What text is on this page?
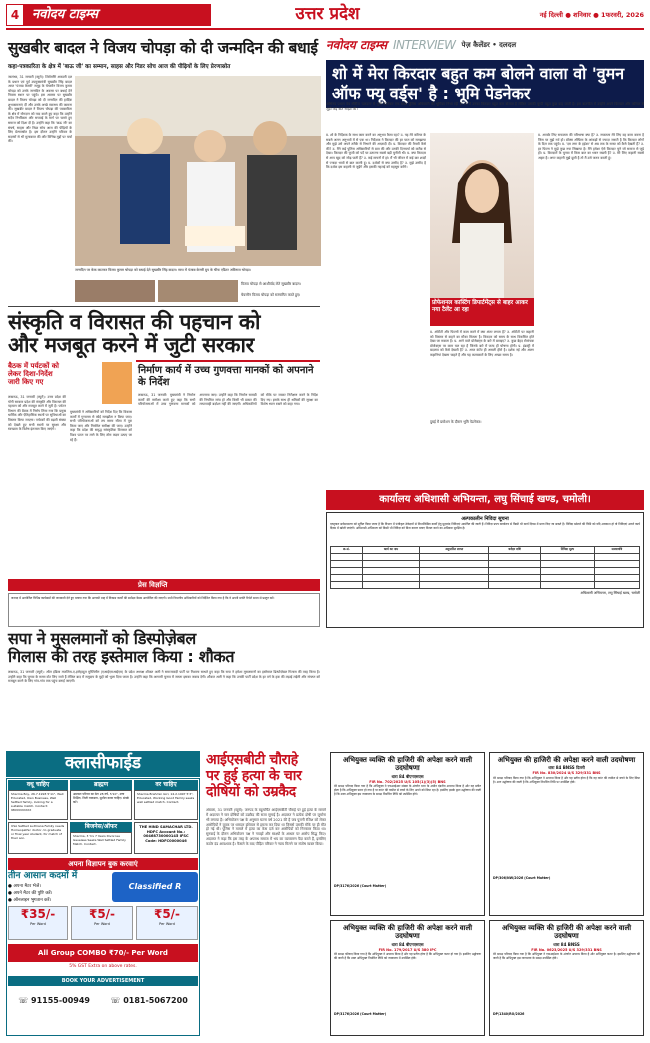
4 नवोदय टाइम्स	उत्तर प्रदेश	नई दिल्ली ● शनिवार ● 1फरवरी, 2026
सुखबीर बादल ने विजय चोपड़ा को दी जन्मदिन की बधाई
कहा-पत्रकारिता के क्षेत्र में 'बाऊ जी' का सम्मान, साहस और निडर सोच आज की पीढ़ियों के लिए प्रेरणास्रोत
जालंधर, 31 जनवरी (ब्यूरो): शिरोमणि अकाली दल के प्रधान एवं पूर्व उपमुख्यमंत्री सुखबीर सिंह बादल आज 'पंजाब केसरी' समूह के चेयरमैन विजय कुमार चोपड़ा को उनके जन्मदिन के अवसर पर बधाई देने निवास स्थान पर पहुंचे। इस अवसर पर सुखबीर बादल ने विजय चोपड़ा को दी जन्मदिन की हार्दिक शुभकामनाएं दीं और उनके अच्छे स्वास्थ्य की कामना की। सुखबीर बादल ने विजय चोपड़ा की पत्रकारिता के क्षेत्र में योगदान को याद करते हुए कहा कि उन्होंने सदैव निर्भीकता और सच्चाई के मार्ग पर चलते हुए समाज को दिशा दी है। उन्होंने कहा कि 'बाऊ जी' का संघर्ष, साहस और निडर सोच आज की पीढ़ियों के लिए प्रेरणास्रोत है। इस दौरान उन्होंने परिवार के सदस्यों से भी मुलाकात की और विभिन्न मुद्दों पर चर्चा की।
जन्मदिन पर केक काटकर विजय कुमार चोपड़ा को बधाई देते सुखबीर सिंह बादल। साथ में पंजाब केसरी ग्रुप के चीफ एडिटर अविनाश चोपड़ा।
विजय चोपड़ा से आशीर्वाद लेते सुखबीर बादल।
चेयरमैन विजय चोपड़ा को सम्मानित करते हुए।
नवोदय टाइम्स INTERVIEW पेज़ कैलेंडर • दलदल
शो में मेरा किरदार बहुत कम बोलने वाला वो 'वुमन ऑफ फ्यू वर्ड्स' है : भूमि पेडनेकर
अभिनय प्रधान वेब सीरीज 'दलदल' में भूमि पेडनेकर एक सख्त पुलिस अधिकारी की भूमिका निभा रही हैं। शो में उनका किरदार बहुत कम बोलता है लेकिन उसकी चुप्पी बहुत कुछ कह जाती है। इस बातचीत में उन्होंने अपने किरदार और करियर से जुड़ी कई बातें साझा कीं।
प्र. शो के निर्देशक के साथ काम करने का अनुभव कैसा रहा? उ. यह मेरे करियर के सबसे अलग अनुभवों में से एक था। निर्देशक ने किरदार की हर परत को समझाया और मुझे उसे अपने तरीके से निभाने की आज़ादी दी। प्र. किरदार की तैयारी कैसे की? उ. मैंने कई पुलिस अधिकारियों से बात की और उनकी दिनचर्या को करीब से देखा। किरदार की चुप्पी को पर्दे पर उतारना सबसे बड़ी चुनौती थी। प्र. क्या किरदार से आप खुद को जोड़ पाती हैं? उ. कई मायनों में हां। मैं भी जीवन में कई बार शब्दों से ज्यादा भावों से बात करती हूं। प्र. दर्शकों से क्या उम्मीद है? उ. मुझे उम्मीद है कि दर्शक इस कहानी से जुड़ेंगे और इसकी गहराई को महसूस करेंगे।
प्रोफेशनल कास्टिंग डिपार्टमेंट्स से बाहर आकर नया टैलेंट आ रहा
प्र. ओटीटी और फिल्मों में काम करने में क्या अंतर लगता है? उ. ओटीटी पर कहानी को विस्तार से कहने का मौका मिलता है। किरदार को समय के साथ विकसित होते देखा जा सकता है। प्र. आने वाले प्रोजेक्ट्स के बारे में बताइए? उ. कुछ बेहद रोमांचक प्रोजेक्ट्स पर काम चल रहा है जिनके बारे में जल्द ही घोषणा होगी। प्र. इंडस्ट्री में बदलाव को कैसे देखती हैं? उ. आज कंटेंट ही असली हीरो है। दर्शक नई और अलग कहानियां देखना चाहते हैं और यह कलाकारों के लिए अच्छा समय है।
प्र. आपके लिए सफलता की परिभाषा क्या है? उ. सफलता मेरे लिए वह काम करना है जिस पर मुझे गर्व हो। बॉक्स ऑफिस के आंकड़ों से ज्यादा जरूरी है कि किरदार लोगों के दिल तक पहुंचे। प्र. 'दम लगा के हईशा' से अब तक के सफर को कैसे देखती हैं? उ. हर फिल्म ने मुझे कुछ नया सिखाया है। मैंने हमेशा ऐसे किरदार चुने जो समाज से जुड़े हों। प्र. किरदारों के चुनाव में किस बात का ध्यान रखती हैं? उ. मेरे लिए कहानी सबसे अहम है। अगर कहानी मुझे छूती है तो मैं उसे जरूर करती हूं।
दुबई में प्रमोशन के दौरान भूमि पेडनेकर।
संस्कृति व विरासत की पहचान को
और मजबूत करने में जुटी सरकार
बैठक में पर्यटकों को लेकर दिशा-निर्देश जारी किए गए
लखनऊ, 31 जनवरी (ब्यूरो): उत्तर प्रदेश की योगी सरकार प्रदेश की संस्कृति और विरासत की पहचान को और मजबूत करने में जुटी है। पर्यटन विभाग की बैठक में निर्णय लिया गया कि प्रमुख धार्मिक और ऐतिहासिक स्थलों पर सुविधाओं का विस्तार किया जाएगा। पर्यटकों की बढ़ती संख्या को देखते हुए सभी स्थलों पर सुरक्षा और स्वच्छता के विशेष इंतजाम किए जाएंगे।
मुख्यमंत्री ने अधिकारियों को निर्देश दिए कि विकास कार्यों में गुणवत्ता से कोई समझौता न किया जाए। सभी परियोजनाओं को तय समय सीमा में पूरा किया जाए और नियमित समीक्षा की जाए। उन्होंने कहा कि प्रदेश की समृद्ध सांस्कृतिक विरासत को विश्व पटल पर लाने के लिए ठोस कदम उठाए जा रहे हैं।
निर्माण कार्य में उच्च गुणवत्ता मानकों को अपनाने के निर्देश
लखनऊ, 31 जनवरी: मुख्यमंत्री ने निर्माण कार्यों की समीक्षा करते हुए कहा कि सभी परियोजनाओं में उच्च गुणवत्ता मानकों को अपनाया जाए। उन्होंने कहा कि निर्माण सामग्री की नियमित जांच हो और किसी भी प्रकार की लापरवाही बर्दाश्त नहीं की जाएगी। अधिकारियों को मौके पर जाकर निरीक्षण करने के निर्देश दिए गए। इसके साथ ही श्रमिकों की सुरक्षा का विशेष ध्यान रखने को कहा गया।
कार्यालय अधिशासी अभियन्ता, लघु सिंचाई खण्ड, चमोली।
अल्पकालीन निविदा सूचना
एतद्द्वारा सर्वसाधारण को सूचित किया जाता है कि विभाग में पंजीकृत ठेकेदारों से निम्नलिखित कार्यों हेतु मुहरबंद निविदाएं आमंत्रित की जाती हैं। निविदा प्रपत्र कार्यालय से किसी भी कार्य दिवस में प्राप्त किए जा सकते हैं। निविदा खोलने की तिथि को यदि अवकाश हो तो निविदाएं अगले कार्य दिवस में खोली जाएंगी। अधिशासी अभियन्ता को किसी भी निविदा को बिना कारण बताए निरस्त करने का अधिकार सुरक्षित है।
क्र.सं.	कार्य का नाम	अनुमानित लागत	धरोहर राशि	निविदा मूल्य	समयावधि

अधिशासी अभियन्ता, लघु सिंचाई खण्ड, चमोली
प्रेस विज्ञप्ति
सपा ने मुसलमानों को डिस्पोज़ेबल
गिलास की तरह इस्तेमाल किया : शौकत
लखनऊ, 31 जनवरी (ब्यूरो): ऑल इंडिया मजलिस-ए-इत्तेहादुल मुस्लिमीन (एआईएमआईएम) के प्रदेश अध्यक्ष शौकत अली ने समाजवादी पार्टी पर निशाना साधते हुए कहा कि सपा ने हमेशा मुसलमानों का इस्तेमाल डिस्पोज़ेबल गिलास की तरह किया है। उन्होंने कहा कि चुनाव के समय वोट लिए जाते हैं लेकिन बाद में समुदाय के मुद्दों को भुला दिया जाता है। उन्होंने कहा कि आगामी चुनाव में जनता इसका जवाब देगी। शौकत अली ने कहा कि उनकी पार्टी प्रदेश के हर वर्ग के हक की लड़ाई लड़ेगी और संगठन को मजबूत करने के लिए गांव-गांव तक पहुंच बनाई जाएगी।
जनपद में आयोजित विभिन्न कार्यक्रमों की जानकारी देते हुए बताया गया कि आगामी माह में विकास कार्यों की समीक्षा बैठक आयोजित की जाएगी। सभी विभागीय अधिकारियों को निर्देशित किया गया है कि वे अपनी प्रगति रिपोर्ट समय से प्रस्तुत करें।
क्लासीफाईड
वधू चाहिए	ब्राह्मण	वर चाहिए
Sharma Boy, 26.7.1993 5'11", Well Educated, Own Business, Well Settled family, looking for a suitable match. Contact: 98XXXXXXXX
अग्रवाल परिवार का बेटा 28 वर्ष, 5'10", उच्च शिक्षित, निजी व्यवसाय, सुशील कन्या चाहिए। संपर्क करें।
Sharma Brahmin Girl, 14.2.1997 5'3", Educated, Working Good Family seeks well settled match. Contact.
USA Settled Ludhiana Family needs Homeopathic doctor, to graduate or final year student, for match of their son.
बिजनेस/ऑफर
Sharma, 3 Yrs 7 Years Divorcee Issueless Seeks Well Settled Family Match. Contact.
THE HIND SAMACHAR LTD. HDFC Account No.: 00468730000145 IFSC Code: HDFC0000046
अपना विज्ञापन बुक करवाएं
तीन आसान कदमों में
● अपना मैटर भेजें।
● अपने मैटर की पुष्टि करें।
● ऑनलाइन भुगतान करें।
Classified R
₹35/-
Per Word
₹5/-
Per Word
₹5/-
Per Word
All Group COMBO ₹70/- Per Word
5% GST Extra on above rates.
BOOK YOUR ADVERTISEMENT
☏ 91155-00949	☏ 0181-5067200
आईएसबीटी चौराहे
पर हुई हत्या के चार
दोषियों को उम्रकैद
अंबाला, 31 जनवरी (ब्यूरो): जनपद के बहुचर्चित आईएसबीटी चौराहे पर हुई हत्या के मामले में अदालत ने चार दोषियों को उम्रकैद की सजा सुनाई है। अदालत ने प्रत्येक दोषी पर जुर्माना भी लगाया है। अभियोजन पक्ष के अनुसार घटना वर्ष 2021 की है जब पुरानी रंजिश को लेकर आरोपियों ने युवक पर धारदार हथियार से हमला कर दिया था जिससे उसकी मौके पर ही मौत हो गई थी। पुलिस ने मामले में हत्या का केस दर्ज कर आरोपियों को गिरफ्तार किया था। सुनवाई के दौरान अभियोजन पक्ष ने गवाहों और साक्ष्यों के आधार पर आरोप सिद्ध किए। अदालत ने कहा कि इस तरह के अपराध समाज में भय का वातावरण पैदा करते हैं, इसलिए कठोर दंड आवश्यक है। फैसले के बाद पीड़ित परिवार ने न्याय मिलने पर संतोष व्यक्त किया।
अभियुक्त व्यक्ति की हाजिरी की अपेक्षा करने वाली उदघोषणा
धारा 84 बीएनएसएस
FIR No. 702/2025 U/S 105(1)(3)(5) BNS
मेरे समक्ष परिवाद किया गया है कि अभियुक्त ने एफआईआर संख्या के अंतर्गत धारा के अधीन दंडनीय अपराध किया है और यह प्रतीत होता है कि अभियुक्त फरार हो गया है या वारंट की तामील से बचने के लिए अपने को छिपा रहा है। इसलिए इसके द्वारा उद्घोषणा की जाती है कि उक्त अभियुक्त इस न्यायालय के समक्ष निर्धारित तिथि को उपस्थित होवे।
DP/3176/2026 (Court Matter)
अभियुक्त की हाजिरी की अपेक्षा करने वाली उदघोषणा
धारा 84 BNSS दिल्ली
FIR No. 830/2024 U/S 329/331 BNS
मेरे समक्ष परिवाद किया गया है कि अभियुक्त ने अपराध किया है और यह प्रतीत होता है कि वह वारंट की तामील से बचने के लिए छिपा है। अतः उद्घोषणा की जाती है कि अभियुक्त निर्धारित तिथि पर उपस्थित होवे।
DP/306/NW/2026 (Court Matter)
अभियुक्त व्यक्ति की हाजिरी की अपेक्षा करने वाली उदघोषणा
धारा 84 बीएनएसएस
FIR No. 179/2017 U/S 380 IPC
मेरे समक्ष परिवाद किया गया है कि अभियुक्त ने अपराध किया है और यह प्रतीत होता है कि अभियुक्त फरार हो गया है। इसलिए उद्घोषणा की जाती है कि उक्त अभियुक्त निर्धारित तिथि को न्यायालय में उपस्थित होवे।
DP/3176/2026 (Court Matter)
अभियुक्त व्यक्ति की हाजिरी की अपेक्षा करने वाली उदघोषणा
धारा 84 BNSS
FIR No. 0623/2025 U/S 329/331 BNS
मेरे समक्ष परिवाद किया गया है कि अभियुक्त ने एफआईआर के अंतर्गत अपराध किया है और अभियुक्त फरार है। इसलिए उद्घोषणा की जाती है कि अभियुक्त इस न्यायालय के समक्ष उपस्थित होवे।
DP/1340/RO/2026
